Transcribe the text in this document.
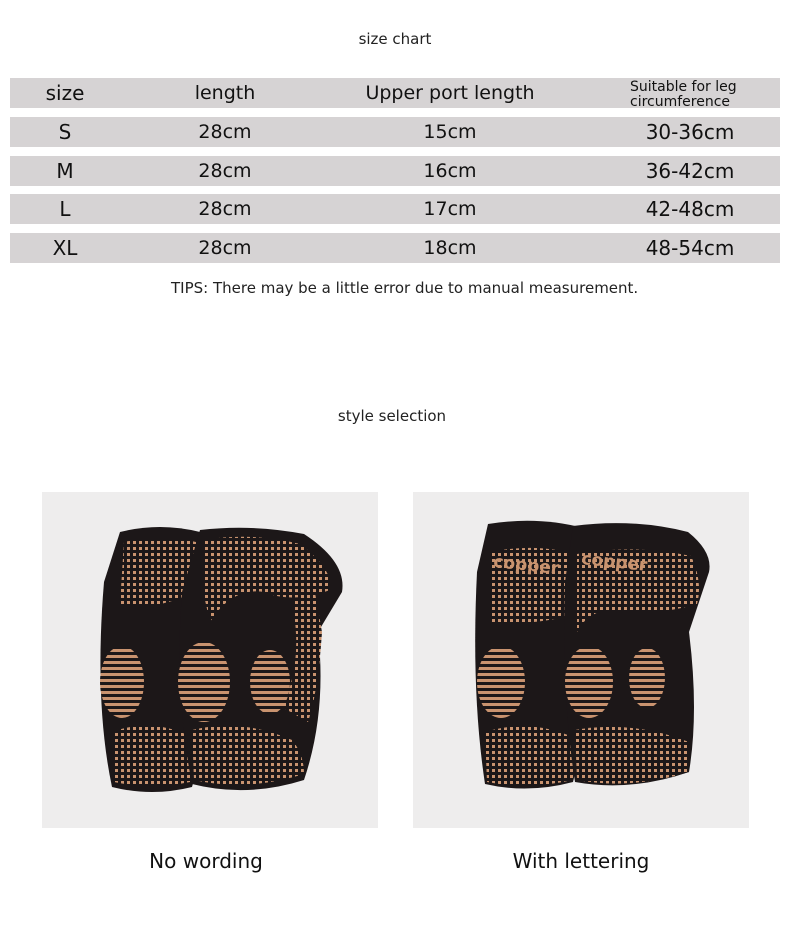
size chart
size	length	Upper port length	Suitable for leg circumference
S	28cm	15cm	30-36cm
M	28cm	16cm	36-42cm
L	28cm	17cm	42-48cm
XL	28cm	18cm	48-54cm
TIPS: There may be a little error due to manual measurement.
style selection
copper copper
No wording	With lettering
